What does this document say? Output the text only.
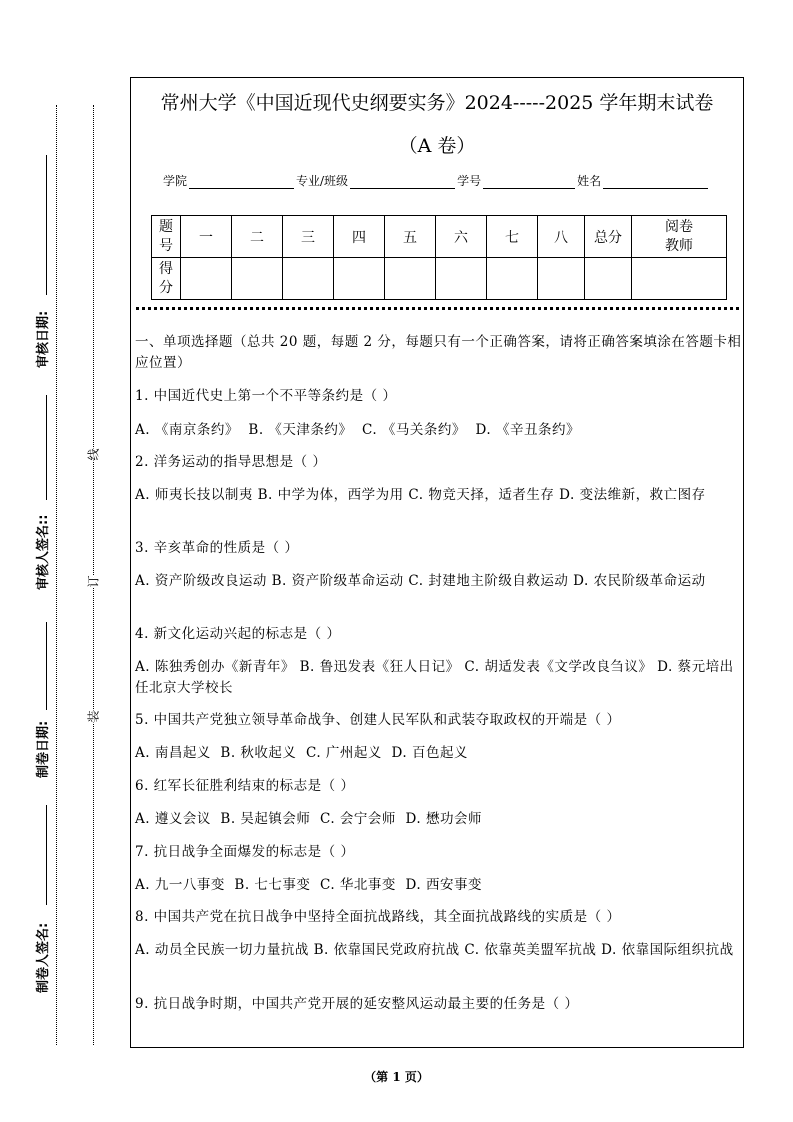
审核日期:
审核人签名::
制卷日期:
制卷人签名:
线
订
装
常州大学《中国近现代史纲要实务》2024-----2025 学年期末试卷
（A 卷）
学院	专业/班级	学号	姓名
题
号	一	二	三	四	五	六	七	八	总分	阅卷
教师
得
分										
一、单项选择题（总共 20 题，每题 2 分，每题只有一个正确答案，请将正确答案填涂在答题卡相应位置）
1. 中国近代史上第一个不平等条约是（ ）
A. 《南京条约》  B. 《天津条约》  C. 《马关条约》  D. 《辛丑条约》
2. 洋务运动的指导思想是（ ）
A. 师夷长技以制夷 B. 中学为体，西学为用 C. 物竞天择，适者生存 D. 变法维新，救亡图存
3. 辛亥革命的性质是（ ）
A. 资产阶级改良运动 B. 资产阶级革命运动 C. 封建地主阶级自救运动 D. 农民阶级革命运动
4. 新文化运动兴起的标志是（ ）
A. 陈独秀创办《新青年》 B. 鲁迅发表《狂人日记》 C. 胡适发表《文学改良刍议》 D. 蔡元培出任北京大学校长
5. 中国共产党独立领导革命战争、创建人民军队和武装夺取政权的开端是（ ）
A. 南昌起义  B. 秋收起义  C. 广州起义  D. 百色起义
6. 红军长征胜利结束的标志是（ ）
A. 遵义会议  B. 吴起镇会师  C. 会宁会师  D. 懋功会师
7. 抗日战争全面爆发的标志是（ ）
A. 九一八事变  B. 七七事变  C. 华北事变  D. 西安事变
8. 中国共产党在抗日战争中坚持全面抗战路线，其全面抗战路线的实质是（ ）
A. 动员全民族一切力量抗战 B. 依靠国民党政府抗战 C. 依靠英美盟军抗战 D. 依靠国际组织抗战
9. 抗日战争时期，中国共产党开展的延安整风运动最主要的任务是（ ）
（第 1 页）
